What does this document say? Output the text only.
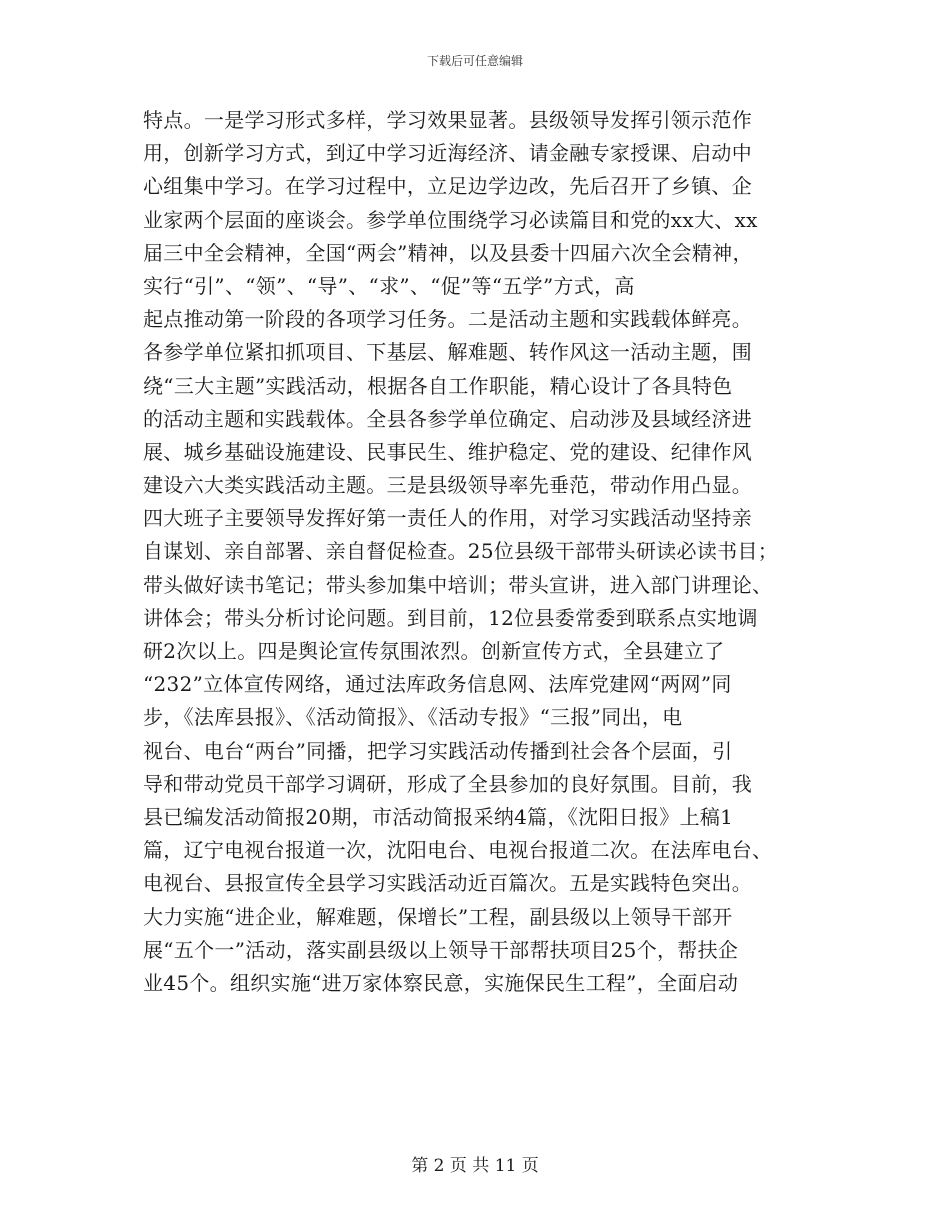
下载后可任意编辑
特点。一是学习形式多样，学习效果显著。县级领导发挥引领示范作
用，创新学习方式，到辽中学习近海经济、请金融专家授课、启动中
心组集中学习。在学习过程中，立足边学边改，先后召开了乡镇、企
业家两个层面的座谈会。参学单位围绕学习必读篇目和党的xx大、xx
届三中全会精神，全国“两会”精神，以及县委十四届六次全会精神，
实行“引”、“领”、“导”、“求”、“促”等“五学”方式，高
起点推动第一阶段的各项学习任务。二是活动主题和实践载体鲜亮。
各参学单位紧扣抓项目、下基层、解难题、转作风这一活动主题，围
绕“三大主题”实践活动，根据各自工作职能，精心设计了各具特色
的活动主题和实践载体。全县各参学单位确定、启动涉及县域经济进
展、城乡基础设施建设、民事民生、维护稳定、党的建设、纪律作风
建设六大类实践活动主题。三是县级领导率先垂范，带动作用凸显。
四大班子主要领导发挥好第一责任人的作用，对学习实践活动坚持亲
自谋划、亲自部署、亲自督促检查。25位县级干部带头研读必读书目；
带头做好读书笔记；带头参加集中培训；带头宣讲，进入部门讲理论、
讲体会；带头分析讨论问题。到目前，12位县委常委到联系点实地调
研2次以上。四是舆论宣传氛围浓烈。创新宣传方式，全县建立了
“232”立体宣传网络，通过法库政务信息网、法库党建网“两网”同
步，《法库县报》、《活动简报》、《活动专报》“三报”同出，电
视台、电台“两台”同播，把学习实践活动传播到社会各个层面，引
导和带动党员干部学习调研，形成了全县参加的良好氛围。目前，我
县已编发活动简报20期，市活动简报采纳4篇，《沈阳日报》上稿1
篇，辽宁电视台报道一次，沈阳电台、电视台报道二次。在法库电台、
电视台、县报宣传全县学习实践活动近百篇次。五是实践特色突出。
大力实施“进企业，解难题，保增长”工程，副县级以上领导干部开
展“五个一”活动，落实副县级以上领导干部帮扶项目25个，帮扶企
业45个。组织实施“进万家体察民意，实施保民生工程”，全面启动
第 2 页 共 11 页
